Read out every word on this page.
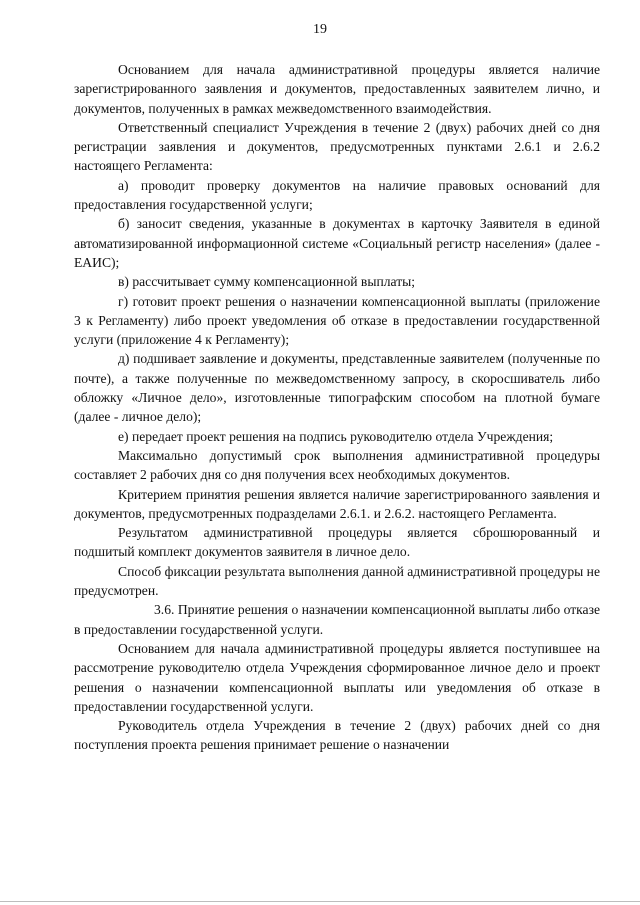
19

Основанием для начала административной процедуры является наличие зарегистрированного заявления и документов, предоставленных заявителем лично, и документов, полученных в рамках межведомственного взаимодействия.

Ответственный специалист Учреждения в течение 2 (двух) рабочих дней со дня регистрации заявления и документов, предусмотренных пунктами 2.6.1 и 2.6.2 настоящего Регламента:

а) проводит проверку документов на наличие правовых оснований для предоставления государственной услуги;

б) заносит сведения, указанные в документах в карточку Заявителя в единой автоматизированной информационной системе «Социальный регистр населения» (далее - ЕАИС);

в) рассчитывает сумму компенсационной выплаты;

г) готовит проект решения о назначении компенсационной выплаты (приложение 3 к Регламенту) либо проект уведомления об отказе в предоставлении государственной услуги (приложение 4 к Регламенту);

д) подшивает заявление и документы, представленные заявителем (полученные по почте), а также полученные по межведомственному запросу, в скоросшиватель либо обложку «Личное дело», изготовленные типографским способом на плотной бумаге (далее - личное дело);

е) передает проект решения на подпись руководителю отдела Учреждения;

Максимально допустимый срок выполнения административной процедуры составляет 2 рабочих дня со дня получения всех необходимых документов.

Критерием принятия решения является наличие зарегистрированного заявления и документов, предусмотренных подразделами 2.6.1. и 2.6.2. настоящего Регламента.

Результатом административной процедуры является сброшюрованный и подшитый комплект документов заявителя в личное дело.

Способ фиксации результата выполнения данной административной процедуры не предусмотрен.

3.6. Принятие решения о назначении компенсационной выплаты либо отказе в предоставлении государственной услуги.

Основанием для начала административной процедуры является поступившее на рассмотрение руководителю отдела Учреждения сформированное личное дело и проект решения о назначении компенсационной выплаты или уведомления об отказе в предоставлении государственной услуги.

Руководитель отдела Учреждения в течение 2 (двух) рабочих дней со дня поступления проекта решения принимает решение о назначении
